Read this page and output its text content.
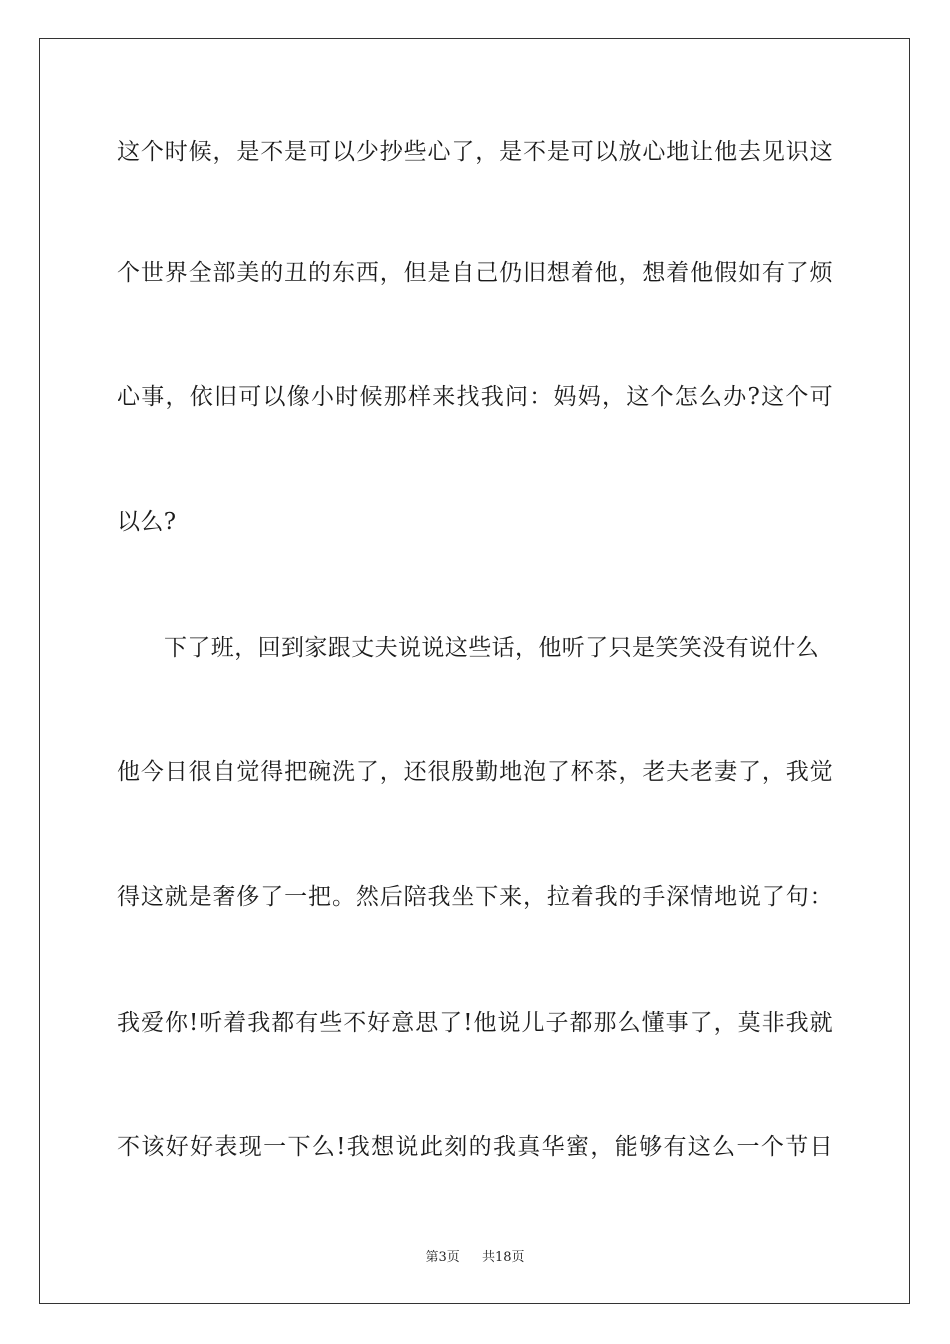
这个时候，是不是可以少抄些心了，是不是可以放心地让他去见识这
个世界全部美的丑的东西，但是自己仍旧想着他，想着他假如有了烦
心事，依旧可以像小时候那样来找我问：妈妈，这个怎么办?这个可
以么?
下了班，回到家跟丈夫说说这些话，他听了只是笑笑没有说什么
他今日很自觉得把碗洗了，还很殷勤地泡了杯茶，老夫老妻了，我觉
得这就是奢侈了一把。然后陪我坐下来，拉着我的手深情地说了句：
我爱你!听着我都有些不好意思了!他说儿子都那么懂事了，莫非我就
不该好好表现一下么!我想说此刻的我真华蜜，能够有这么一个节日
第3页 共18页
